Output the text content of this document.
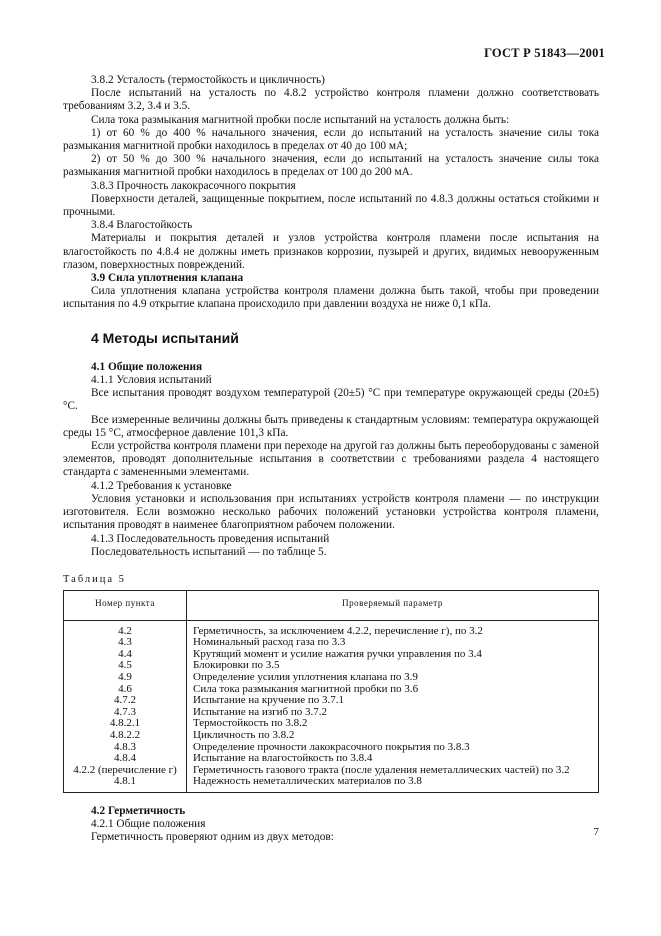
ГОСТ Р 51843—2001

3.8.2 Усталость (термостойкость и цикличность)

После испытаний на усталость по 4.8.2 устройство контроля пламени должно соответствовать требованиям 3.2, 3.4 и 3.5.

Сила тока размыкания магнитной пробки после испытаний на усталость должна быть:

1) от 60 % до 400 % начального значения, если до испытаний на усталость значение силы тока размыкания магнитной пробки находилось в пределах от 40 до 100 мА;

2) от 50 % до 300 % начального значения, если до испытаний на усталость значение силы тока размыкания магнитной пробки находилось в пределах от 100 до 200 мА.

3.8.3 Прочность лакокрасочного покрытия

Поверхности деталей, защищенные покрытием, после испытаний по 4.8.3 должны остаться стойкими и прочными.

3.8.4 Влагостойкость

Материалы и покрытия деталей и узлов устройства контроля пламени после испытания на влагостойкость по 4.8.4 не должны иметь признаков коррозии, пузырей и других, видимых невооруженным глазом, поверхностных повреждений.

3.9 Сила уплотнения клапана

Сила уплотнения клапана устройства контроля пламени должна быть такой, чтобы при проведении испытания по 4.9 открытие клапана происходило при давлении воздуха не ниже 0,1 кПа.

4 Методы испытаний

4.1 Общие положения

4.1.1 Условия испытаний

Все испытания проводят воздухом температурой (20±5) °С при температуре окружающей среды (20±5) °С.

Все измеренные величины должны быть приведены к стандартным условиям: температура окружающей среды 15 °С, атмосферное давление 101,3 кПа.

Если устройства контроля пламени при переходе на другой газ должны быть переоборудованы с заменой элементов, проводят дополнительные испытания в соответствии с требованиями раздела 4 настоящего стандарта с замененными элементами.

4.1.2 Требования к установке

Условия установки и использования при испытаниях устройств контроля пламени — по инструкции изготовителя. Если возможно несколько рабочих положений установки устройства контроля пламени, испытания проводят в наименее благоприятном рабочем положении.

4.1.3 Последовательность проведения испытаний

Последовательность испытаний — по таблице 5.

Таблица 5
Номер пункта	Проверяемый параметр
4.2	Герметичность, за исключением 4.2.2, перечисление г), по 3.2
4.3	Номинальный расход газа по 3.3
4.4	Крутящий момент и усилие нажатия ручки управления по 3.4
4.5	Блокировки по 3.5
4.9	Определение усилия уплотнения клапана по 3.9
4.6	Сила тока размыкания магнитной пробки по 3.6
4.7.2	Испытание на кручение по 3.7.1
4.7.3	Испытание на изгиб по 3.7.2
4.8.2.1	Термостойкость по 3.8.2
4.8.2.2	Цикличность по 3.8.2
4.8.3	Определение прочности лакокрасочного покрытия по 3.8.3
4.8.4	Испытание на влагостойкость по 3.8.4
4.2.2 (перечисление г)	Герметичность газового тракта (после удаления неметаллических частей) по 3.2
4.8.1	Надежность неметаллических материалов по 3.8

4.2 Герметичность

4.2.1 Общие положения

Герметичность проверяют одним из двух методов:	7
